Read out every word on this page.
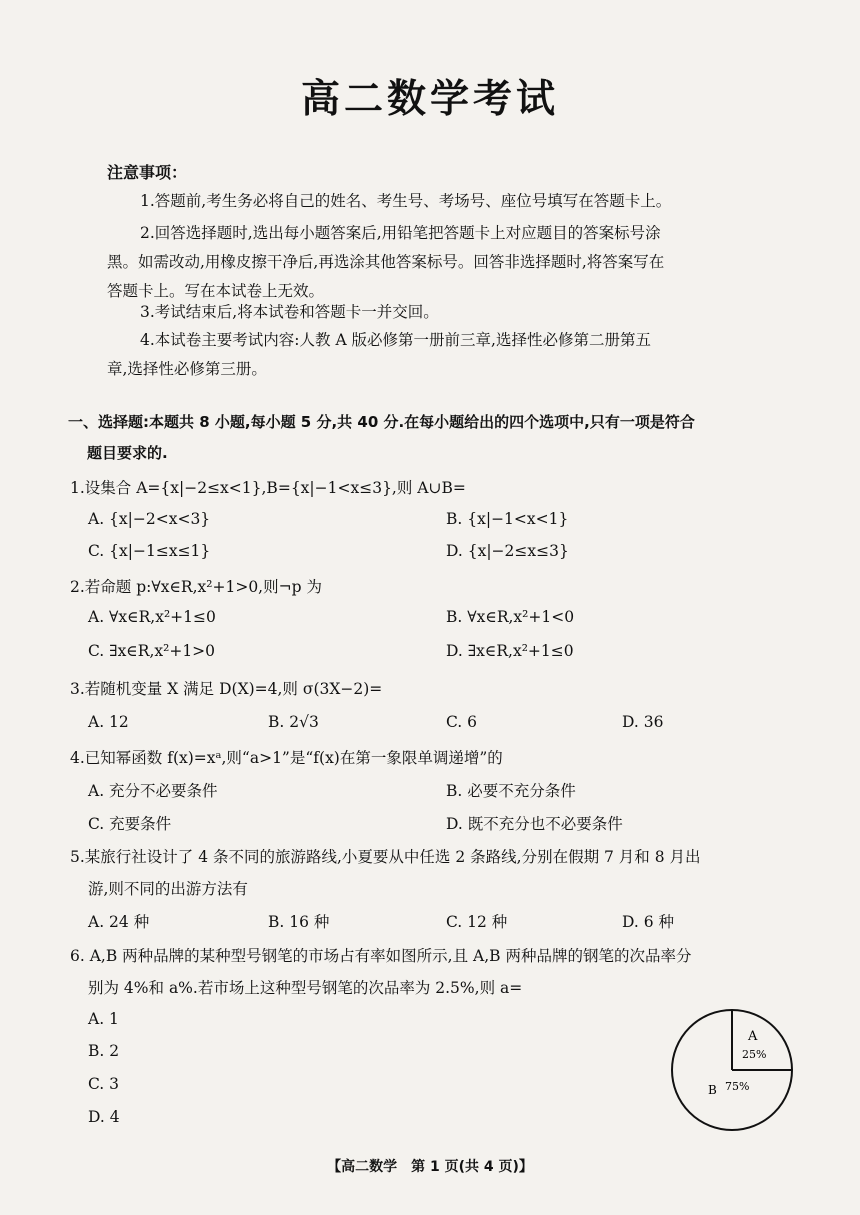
高二数学考试
注意事项：
1.答题前,考生务必将自己的姓名、考生号、考场号、座位号填写在答题卡上。
2.回答选择题时,选出每小题答案后,用铅笔把答题卡上对应题目的答案标号涂
黑。如需改动,用橡皮擦干净后,再选涂其他答案标号。回答非选择题时,将答案写在
答题卡上。写在本试卷上无效。
3.考试结束后,将本试卷和答题卡一并交回。
4.本试卷主要考试内容:人教 A 版必修第一册前三章,选择性必修第二册第五
章,选择性必修第三册。
一、选择题:本题共 8 小题,每小题 5 分,共 40 分.在每小题给出的四个选项中,只有一项是符合
题目要求的.
1.设集合 A={x|−2≤x<1},B={x|−1<x≤3},则 A∪B=
A. {x|−2<x<3}	B. {x|−1<x<1}
C. {x|−1≤x≤1}	D. {x|−2≤x≤3}
2.若命题 p:∀x∈R,x²+1>0,则¬p 为
A. ∀x∈R,x²+1≤0	B. ∀x∈R,x²+1<0
C. ∃x∈R,x²+1>0	D. ∃x∈R,x²+1≤0
3.若随机变量 X 满足 D(X)=4,则 σ(3X−2)=
A. 12	B. 2√3	C. 6	D. 36
4.已知幂函数 f(x)=xᵃ,则“a>1”是“f(x)在第一象限单调递增”的
A. 充分不必要条件	B. 必要不充分条件
C. 充要条件	D. 既不充分也不必要条件
5.某旅行社设计了 4 条不同的旅游路线,小夏要从中任选 2 条路线,分别在假期 7 月和 8 月出
游,则不同的出游方法有
A. 24 种	B. 16 种	C. 12 种	D. 6 种
6. A,B 两种品牌的某种型号钢笔的市场占有率如图所示,且 A,B 两种品牌的钢笔的次品率分
别为 4%和 a%.若市场上这种型号钢笔的次品率为 2.5%,则 a=
A. 1
B. 2
C. 3
D. 4
A
25%
B 75%
【高二数学　第 1 页(共 4 页)】
